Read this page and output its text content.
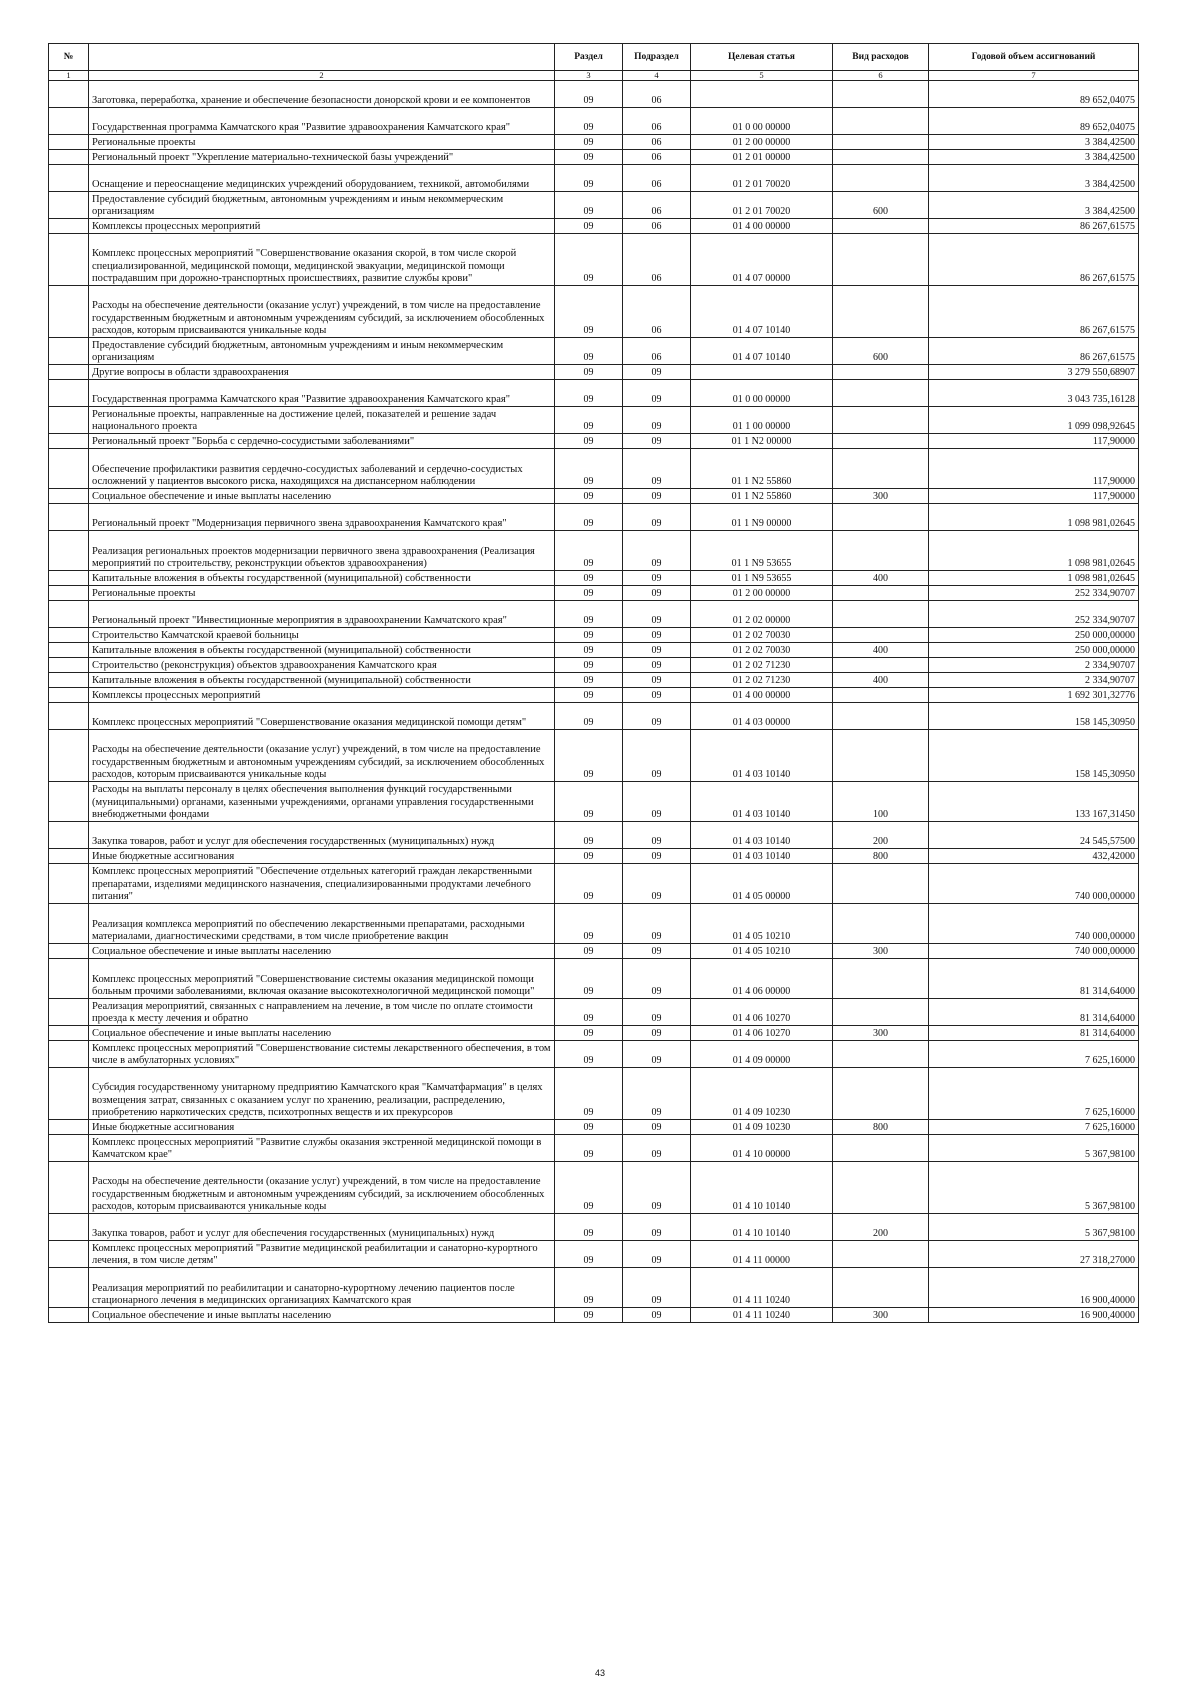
№		Раздел	Подраздел	Целевая статья	Вид расходов	Годовой объем ассигнований
1	2	3	4	5	6	7
	Заготовка, переработка, хранение и обеспечение безопасности донорской крови и ее компонентов	09	06			89 652,04075
	Государственная программа Камчатского края "Развитие здравоохранения Камчатского края"	09	06	01 0 00 00000		89 652,04075
	Региональные проекты	09	06	01 2 00 00000		3 384,42500
	Региональный проект "Укрепление материально-технической базы учреждений"	09	06	01 2 01 00000		3 384,42500
	Оснащение и переоснащение медицинских учреждений оборудованием, техникой, автомобилями	09	06	01 2 01 70020		3 384,42500
	Предоставление субсидий бюджетным, автономным учреждениям и иным некоммерческим организациям	09	06	01 2 01 70020	600	3 384,42500
	Комплексы процессных мероприятий	09	06	01 4 00 00000		86 267,61575
	Комплекс процессных мероприятий "Совершенствование оказания скорой, в том числе скорой специализированной, медицинской помощи, медицинской эвакуации, медицинской помощи пострадавшим при дорожно-транспортных происшествиях, развитие службы крови"	09	06	01 4 07 00000		86 267,61575
	Расходы на обеспечение деятельности (оказание услуг) учреждений, в том числе на предоставление государственным бюджетным и автономным учреждениям субсидий, за исключением обособленных расходов, которым присваиваются уникальные коды	09	06	01 4 07 10140		86 267,61575
	Предоставление субсидий бюджетным, автономным учреждениям и иным некоммерческим организациям	09	06	01 4 07 10140	600	86 267,61575
	Другие вопросы в области здравоохранения	09	09			3 279 550,68907
	Государственная программа Камчатского края "Развитие здравоохранения Камчатского края"	09	09	01 0 00 00000		3 043 735,16128
	Региональные проекты, направленные на достижение целей, показателей и решение задач национального проекта	09	09	01 1 00 00000		1 099 098,92645
	Региональный проект "Борьба с сердечно-сосудистыми заболеваниями"	09	09	01 1 N2 00000		117,90000
	Обеспечение профилактики развития сердечно-сосудистых заболеваний и сердечно-сосудистых осложнений у пациентов высокого риска, находящихся на диспансерном наблюдении	09	09	01 1 N2 55860		117,90000
	Социальное обеспечение и иные выплаты населению	09	09	01 1 N2 55860	300	117,90000
	Региональный проект "Модернизация первичного звена здравоохранения Камчатского края"	09	09	01 1 N9 00000		1 098 981,02645
	Реализация региональных проектов модернизации первичного звена здравоохранения (Реализация мероприятий по строительству, реконструкции объектов здравоохранения)	09	09	01 1 N9 53655		1 098 981,02645
	Капитальные вложения в объекты государственной (муниципальной) собственности	09	09	01 1 N9 53655	400	1 098 981,02645
	Региональные проекты	09	09	01 2 00 00000		252 334,90707
	Региональный проект "Инвестиционные мероприятия в здравоохранении Камчатского края"	09	09	01 2 02 00000		252 334,90707
	Строительство Камчатской краевой больницы	09	09	01 2 02 70030		250 000,00000
	Капитальные вложения в объекты государственной (муниципальной) собственности	09	09	01 2 02 70030	400	250 000,00000
	Строительство (реконструкция) объектов здравоохранения Камчатского края	09	09	01 2 02 71230		2 334,90707
	Капитальные вложения в объекты государственной (муниципальной) собственности	09	09	01 2 02 71230	400	2 334,90707
	Комплексы процессных мероприятий	09	09	01 4 00 00000		1 692 301,32776
	Комплекс процессных мероприятий "Совершенствование оказания медицинской помощи детям"	09	09	01 4 03 00000		158 145,30950
	Расходы на обеспечение деятельности (оказание услуг) учреждений, в том числе на предоставление государственным бюджетным и автономным учреждениям субсидий, за исключением обособленных расходов, которым присваиваются уникальные коды	09	09	01 4 03 10140		158 145,30950
	Расходы на выплаты персоналу в целях обеспечения выполнения функций государственными (муниципальными) органами, казенными учреждениями, органами управления государственными внебюджетными фондами	09	09	01 4 03 10140	100	133 167,31450
	Закупка товаров, работ и услуг для обеспечения государственных (муниципальных) нужд	09	09	01 4 03 10140	200	24 545,57500
	Иные бюджетные ассигнования	09	09	01 4 03 10140	800	432,42000
	Комплекс процессных мероприятий "Обеспечение отдельных категорий граждан лекарственными препаратами, изделиями медицинского назначения, специализированными продуктами лечебного питания"	09	09	01 4 05 00000		740 000,00000
	Реализация комплекса мероприятий по обеспечению лекарственными препаратами, расходными материалами, диагностическими средствами, в том числе приобретение вакцин	09	09	01 4 05 10210		740 000,00000
	Социальное обеспечение и иные выплаты населению	09	09	01 4 05 10210	300	740 000,00000
	Комплекс процессных мероприятий "Совершенствование системы оказания медицинской помощи больным прочими заболеваниями, включая оказание высокотехнологичной медицинской помощи"	09	09	01 4 06 00000		81 314,64000
	Реализация мероприятий, связанных с направлением на лечение, в том числе по оплате стоимости проезда к месту лечения и обратно	09	09	01 4 06 10270		81 314,64000
	Социальное обеспечение и иные выплаты населению	09	09	01 4 06 10270	300	81 314,64000
	Комплекс процессных мероприятий "Совершенствование системы лекарственного обеспечения, в том числе в амбулаторных условиях"	09	09	01 4 09 00000		7 625,16000
	Субсидия государственному унитарному предприятию Камчатского края "Камчатфармация" в целях возмещения затрат, связанных с оказанием услуг по хранению, реализации, распределению, приобретению наркотических средств, психотропных веществ и их прекурсоров	09	09	01 4 09 10230		7 625,16000
	Иные бюджетные ассигнования	09	09	01 4 09 10230	800	7 625,16000
	Комплекс процессных мероприятий "Развитие службы оказания экстренной медицинской помощи в Камчатском крае"	09	09	01 4 10 00000		5 367,98100
	Расходы на обеспечение деятельности (оказание услуг) учреждений, в том числе на предоставление государственным бюджетным и автономным учреждениям субсидий, за исключением обособленных расходов, которым присваиваются уникальные коды	09	09	01 4 10 10140		5 367,98100
	Закупка товаров, работ и услуг для обеспечения государственных (муниципальных) нужд	09	09	01 4 10 10140	200	5 367,98100
	Комплекс процессных мероприятий "Развитие медицинской реабилитации и санаторно-курортного лечения, в том числе детям"	09	09	01 4 11 00000		27 318,27000
	Реализация мероприятий по реабилитации и санаторно-курортному лечению пациентов после стационарного лечения в медицинских организациях Камчатского края	09	09	01 4 11 10240		16 900,40000
	Социальное обеспечение и иные выплаты населению	09	09	01 4 11 10240	300	16 900,40000
43
